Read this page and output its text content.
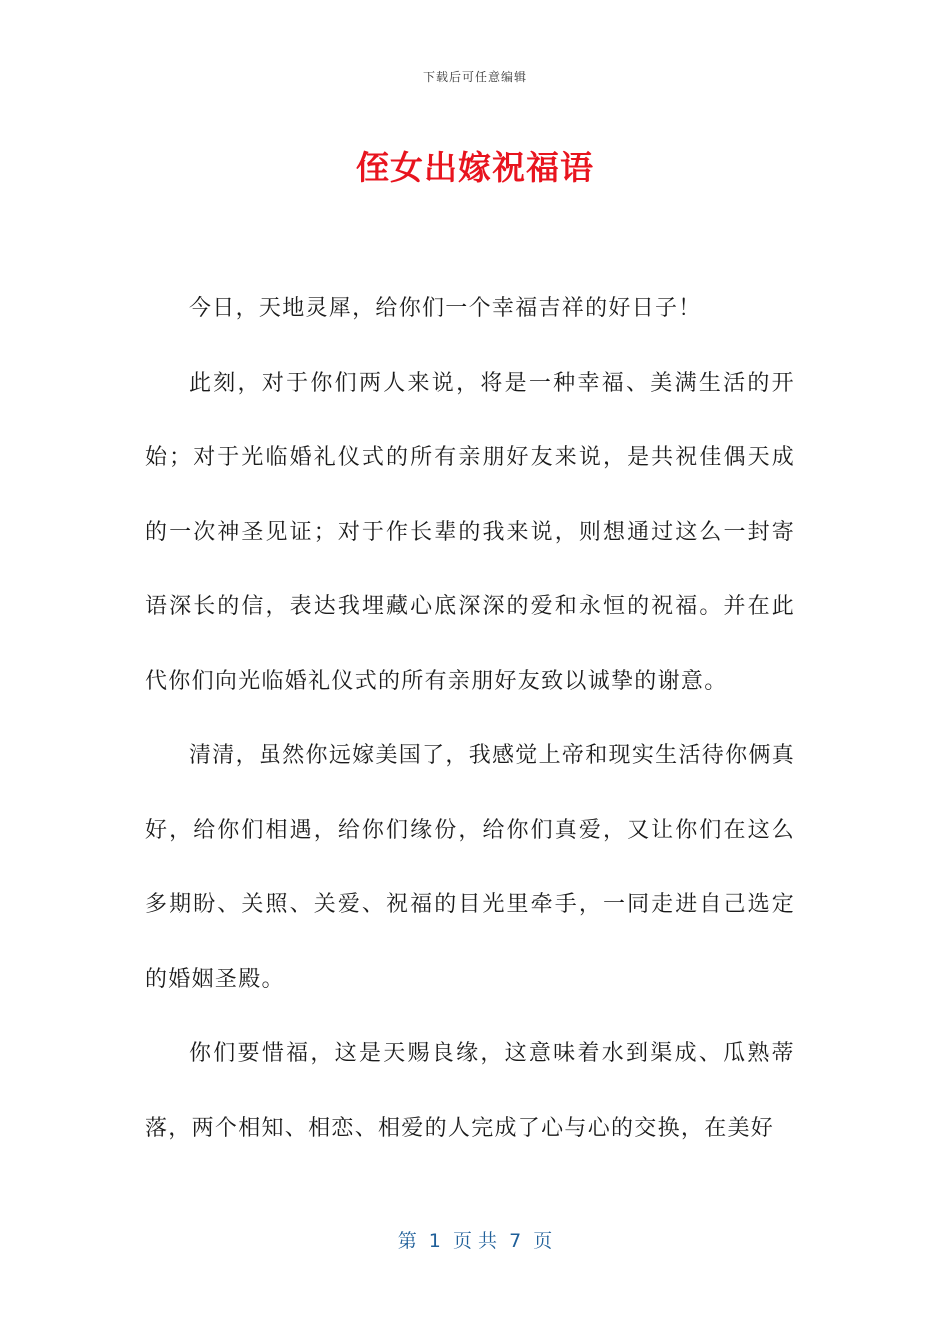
下载后可任意编辑
侄女出嫁祝福语

今日，天地灵犀，给你们一个幸福吉祥的好日子！

此刻，对于你们两人来说，将是一种幸福、美满生活的开始；对于光临婚礼仪式的所有亲朋好友来说，是共祝佳偶天成的一次神圣见证；对于作长辈的我来说，则想通过这么一封寄语深长的信，表达我埋藏心底深深的爱和永恒的祝福。并在此代你们向光临婚礼仪式的所有亲朋好友致以诚挚的谢意。

清清，虽然你远嫁美国了，我感觉上帝和现实生活待你俩真好，给你们相遇，给你们缘份，给你们真爱，又让你们在这么多期盼、关照、关爱、祝福的目光里牵手，一同走进自己选定的婚姻圣殿。

你们要惜福，这是天赐良缘，这意味着水到渠成、瓜熟蒂落，两个相知、相恋、相爱的人完成了心与心的交换，在美好

第  1  页 共  7  页
